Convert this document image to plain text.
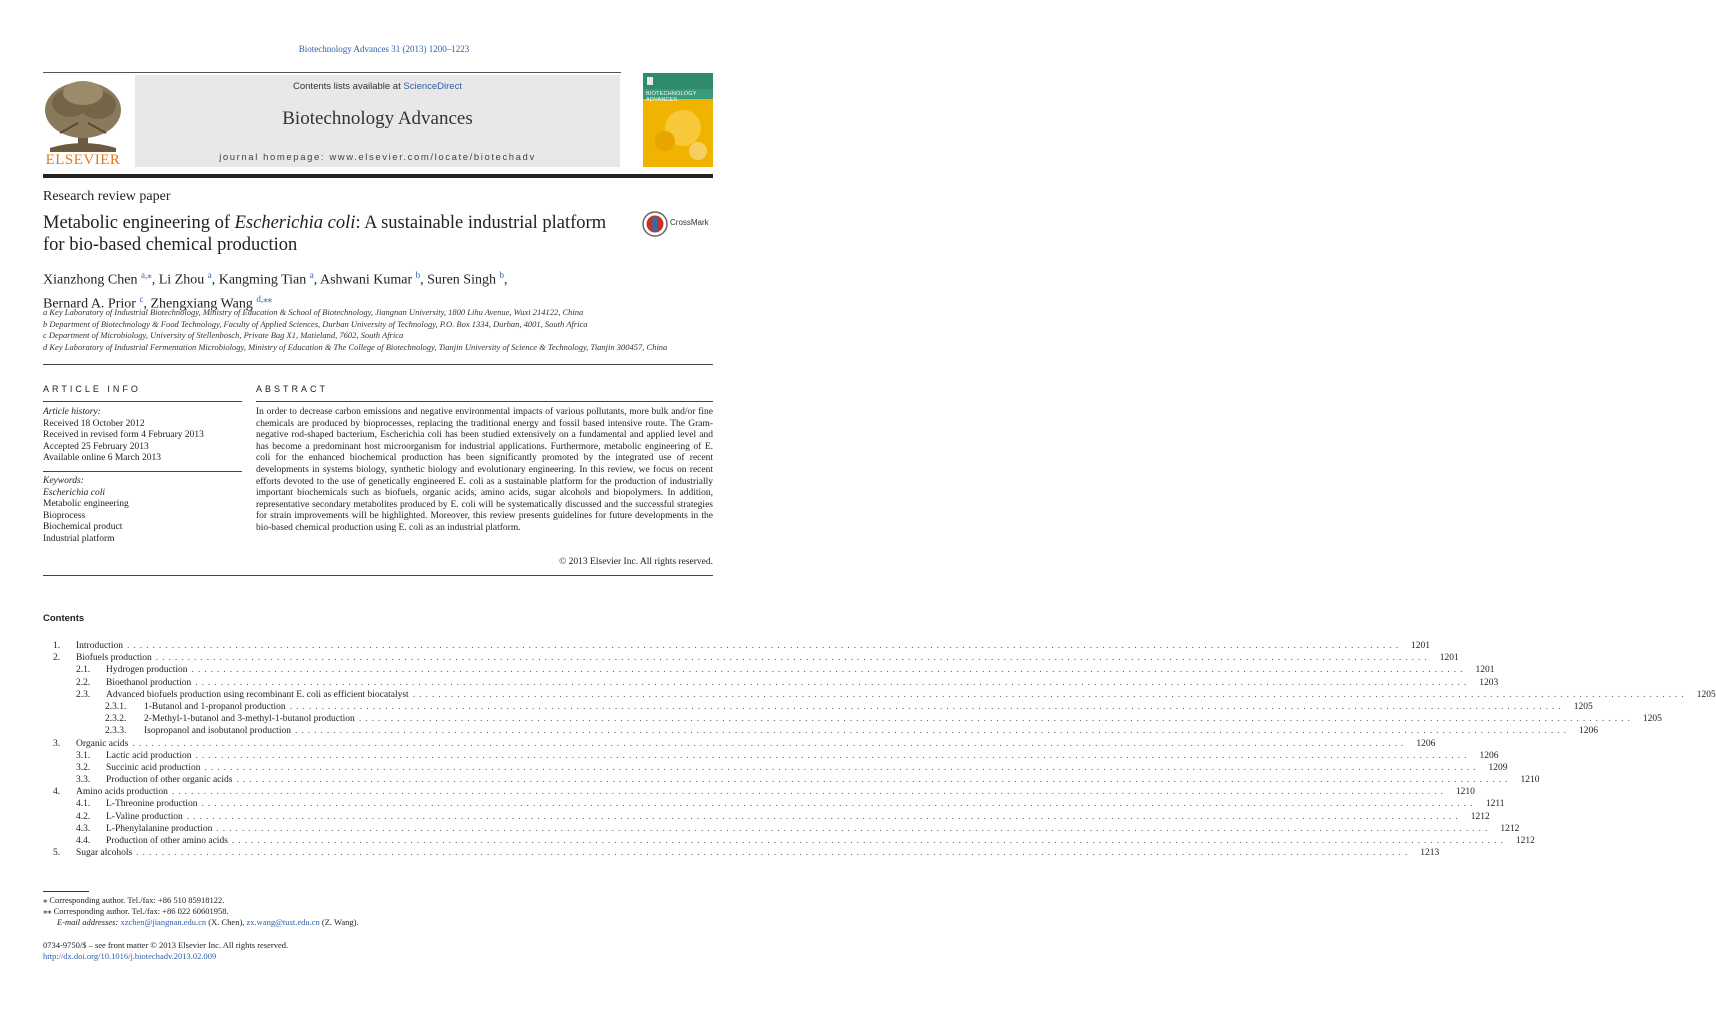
Biotechnology Advances 31 (2013) 1200–1223
ELSEVIER
Contents lists available at ScienceDirect
Biotechnology Advances
journal homepage: www.elsevier.com/locate/biotechadv
BIOTECHNOLOGY ADVANCES
Research review paper
Metabolic engineering of Escherichia coli: A sustainable industrial platform for bio-based chemical production
CrossMark
Xianzhong Chen $^{a,⁎}$, Li Zhou $^a$, Kangming Tian $^a$, Ashwani Kumar $^b$, Suren Singh $^b$,
Bernard A. Prior $^c$, Zhengxiang Wang $^{d,⁎⁎}$
a Key Laboratory of Industrial Biotechnology, Ministry of Education & School of Biotechnology, Jiangnan University, 1800 Lihu Avenue, Wuxi 214122, China
b Department of Biotechnology & Food Technology, Faculty of Applied Sciences, Durban University of Technology, P.O. Box 1334, Durban, 4001, South Africa
c Department of Microbiology, University of Stellenbosch, Private Bag X1, Matieland, 7602, South Africa
d Key Laboratory of Industrial Fermentation Microbiology, Ministry of Education & The College of Biotechnology, Tianjin University of Science & Technology, Tianjin 300457, China
ARTICLE INFO
Article history:
Received 18 October 2012
Received in revised form 4 February 2013
Accepted 25 February 2013
Available online 6 March 2013
Keywords:
Escherichia coli
Metabolic engineering
Bioprocess
Biochemical product
Industrial platform
ABSTRACT
In order to decrease carbon emissions and negative environmental impacts of various pollutants, more bulk and/or fine chemicals are produced by bioprocesses, replacing the traditional energy and fossil based intensive route. The Gram-negative rod-shaped bacterium, Escherichia coli has been studied extensively on a fundamental and applied level and has become a predominant host microorganism for industrial applications. Furthermore, metabolic engineering of E. coli for the enhanced biochemical production has been significantly promoted by the integrated use of recent developments in systems biology, synthetic biology and evolutionary engineering. In this review, we focus on recent efforts devoted to the use of genetically engineered E. coli as a sustainable platform for the production of industrially important biochemicals such as biofuels, organic acids, amino acids, sugar alcohols and biopolymers. In addition, representative secondary metabolites produced by E. coli will be systematically discussed and the successful strategies for strain improvements will be highlighted. Moreover, this review presents guidelines for future developments in the bio-based chemical production using E. coli as an industrial platform.
© 2013 Elsevier Inc. All rights reserved.
Contents
1.	Introduction ........................................................................................................................................................................................................ 1201
2.	Biofuels production ........................................................................................................................................................................................................ 1201
2.1.	Hydrogen production ........................................................................................................................................................................................................ 1201
2.2.	Bioethanol production ........................................................................................................................................................................................................ 1203
2.3.	Advanced biofuels production using recombinant E. coli as efficient biocatalyst ........................................................................................................................................................................................................ 1205
2.3.1.	1-Butanol and 1-propanol production ........................................................................................................................................................................................................ 1205
2.3.2.	2-Methyl-1-butanol and 3-methyl-1-butanol production ........................................................................................................................................................................................................ 1205
2.3.3.	Isopropanol and isobutanol production ........................................................................................................................................................................................................ 1206
3.	Organic acids ........................................................................................................................................................................................................ 1206
3.1.	Lactic acid production ........................................................................................................................................................................................................ 1206
3.2.	Succinic acid production ........................................................................................................................................................................................................ 1209
3.3.	Production of other organic acids ........................................................................................................................................................................................................ 1210
4.	Amino acids production ........................................................................................................................................................................................................ 1210
4.1.	L-Threonine production ........................................................................................................................................................................................................ 1211
4.2.	L-Valine production ........................................................................................................................................................................................................ 1212
4.3.	L-Phenylalanine production ........................................................................................................................................................................................................ 1212
4.4.	Production of other amino acids ........................................................................................................................................................................................................ 1212
5.	Sugar alcohols ........................................................................................................................................................................................................ 1213
⁎ Corresponding author. Tel./fax: +86 510 85918122.
⁎⁎ Corresponding author. Tel./fax: +86 022 60601958.
E-mail addresses: xzchen@jiangnan.edu.cn (X. Chen), zx.wang@tust.edu.cn (Z. Wang).
0734-9750/$ – see front matter © 2013 Elsevier Inc. All rights reserved.
http://dx.doi.org/10.1016/j.biotechadv.2013.02.009
